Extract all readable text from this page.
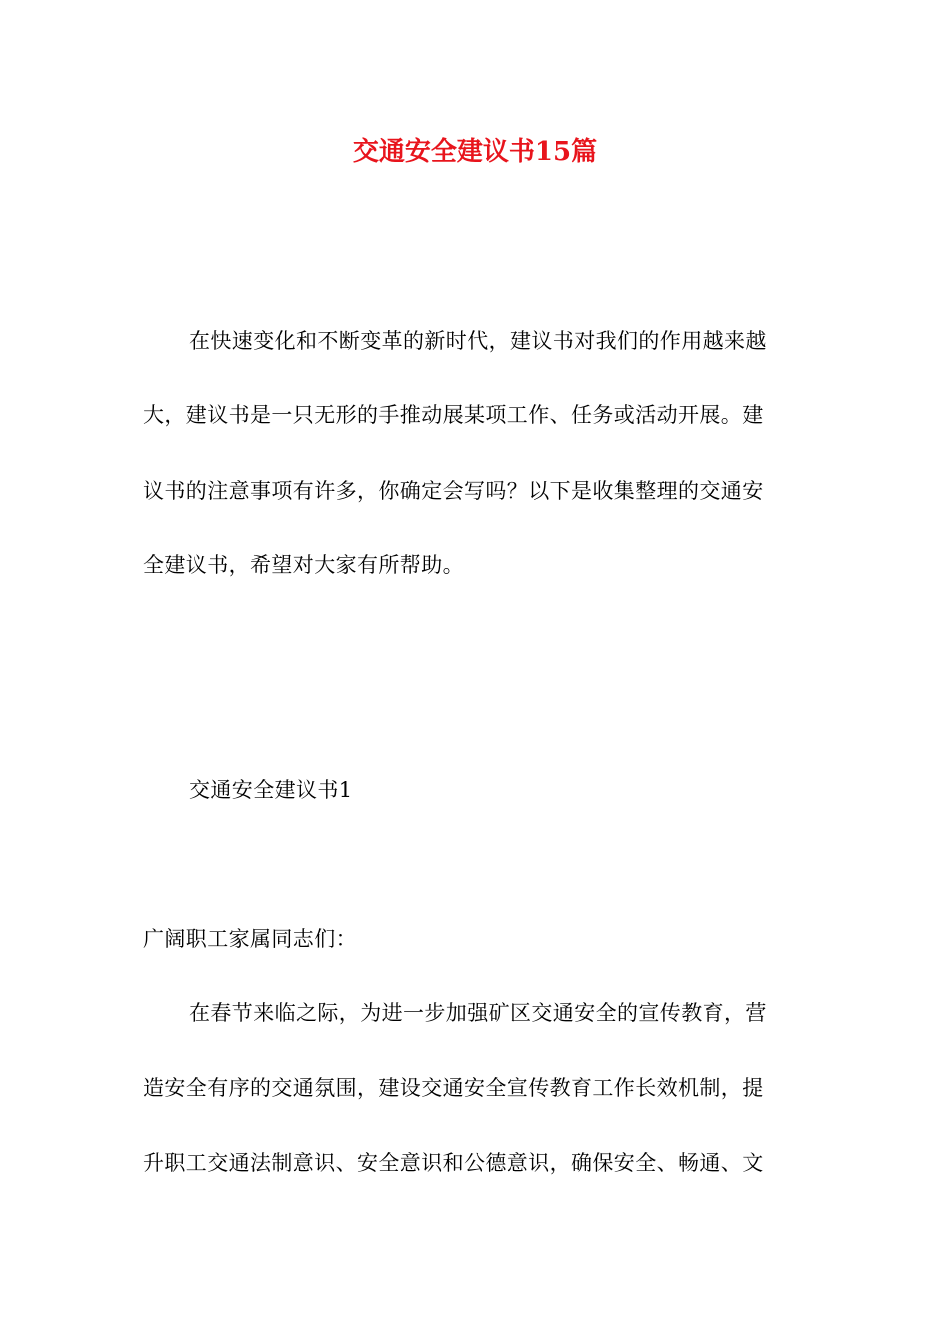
交通安全建议书15篇
在快速变化和不断变革的新时代，建议书对我们的作用越来越
大，建议书是一只无形的手推动展某项工作、任务或活动开展。建
议书的注意事项有许多，你确定会写吗？以下是收集整理的交通安
全建议书，希望对大家有所帮助。
交通安全建议书1
广阔职工家属同志们：
在春节来临之际，为进一步加强矿区交通安全的宣传教育，营
造安全有序的交通氛围，建设交通安全宣传教育工作长效机制，提
升职工交通法制意识、安全意识和公德意识，确保安全、畅通、文
